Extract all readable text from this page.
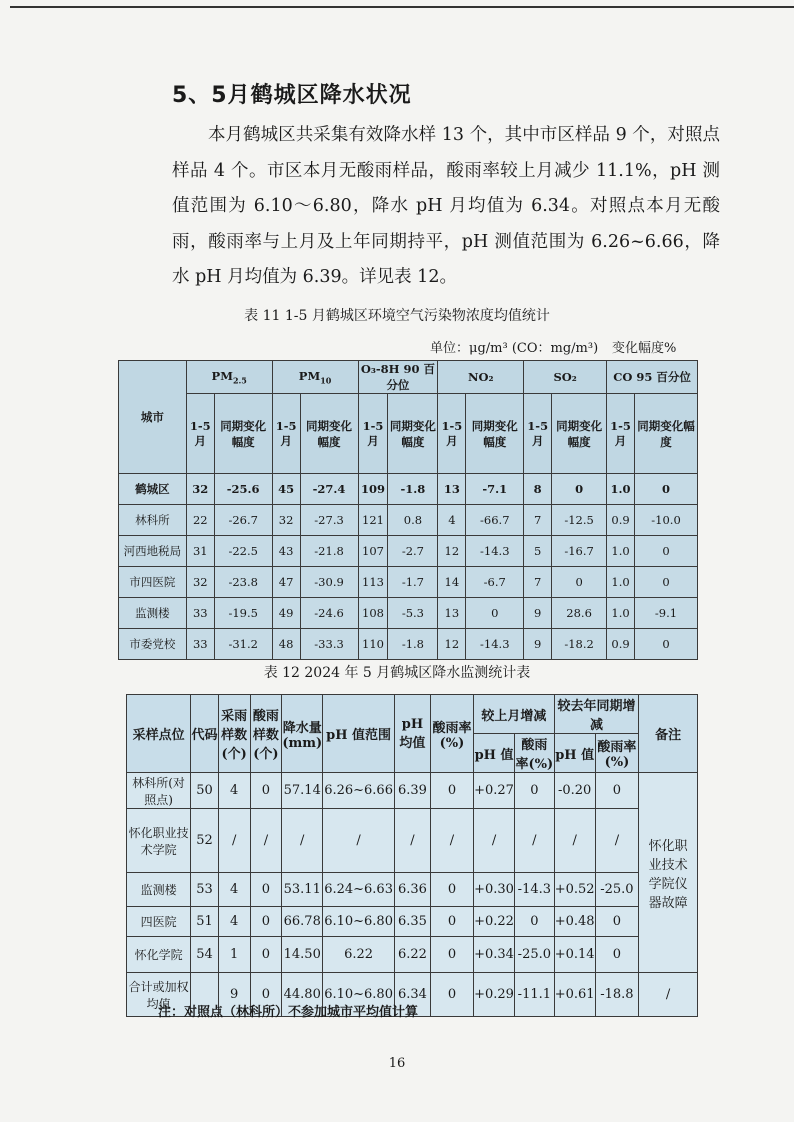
5、5月鹤城区降水状况
本月鹤城区共采集有效降水样 13 个，其中市区样品 9 个，对照点样品 4 个。市区本月无酸雨样品，酸雨率较上月减少 11.1%，pH 测值范围为 6.10～6.80，降水 pH 月均值为 6.34。对照点本月无酸雨，酸雨率与上月及上年同期持平，pH 测值范围为 6.26~6.66，降水 pH 月均值为 6.39。详见表 12。
表 11 1-5 月鹤城区环境空气污染物浓度均值统计
单位：μg/m³ (CO：mg/m³) 变化幅度%
城市	$PM_{2.5}$		$PM_{10}$		O₃-8H 90 百分位		NO₂		SO₂		CO 95 百分位	
	1-5 月	同期变化幅度	1-5 月	同期变化幅度	1-5 月	同期变化幅度	1-5 月	同期变化幅度	1-5 月	同期变化幅度	1-5 月	同期变化幅度
鹤城区	32	-25.6	45	-27.4	109	-1.8	13	-7.1	8	0	1.0	0
林科所	22	-26.7	32	-27.3	121	0.8	4	-66.7	7	-12.5	0.9	-10.0
河西地税局	31	-22.5	43	-21.8	107	-2.7	12	-14.3	5	-16.7	1.0	0
市四医院	32	-23.8	47	-30.9	113	-1.7	14	-6.7	7	0	1.0	0
监测楼	33	-19.5	49	-24.6	108	-5.3	13	0	9	28.6	1.0	-9.1
市委党校	33	-31.2	48	-33.3	110	-1.8	12	-14.3	9	-18.2	0.9	0
表 12 2024 年 5 月鹤城区降水监测统计表
采样点位	代码	采雨样数(个)	酸雨样数(个)	降水量(mm)	pH 值范围	pH 均值	酸雨率(%)	较上月增减		较去年同期增减		备注
								pH 值	酸雨率(%)	pH 值	酸雨率(%)	
林科所(对照点)	50	4	0	57.14	6.26~6.66	6.39	0	+0.27	0	-0.20	0	怀化职业技术学院仪器故障
怀化职业技术学院	52	/	/	/	/	/	/	/	/	/	/	
监测楼	53	4	0	53.11	6.24~6.63	6.36	0	+0.30	-14.3	+0.52	-25.0	
四医院	51	4	0	66.78	6.10~6.80	6.35	0	+0.22	0	+0.48	0	
怀化学院	54	1	0	14.50	6.22	6.22	0	+0.34	-25.0	+0.14	0	
合计或加权均值		9	0	44.80	6.10~6.80	6.34	0	+0.29	-11.1	+0.61	-18.8	/
注：对照点（林科所）不参加城市平均值计算
16
